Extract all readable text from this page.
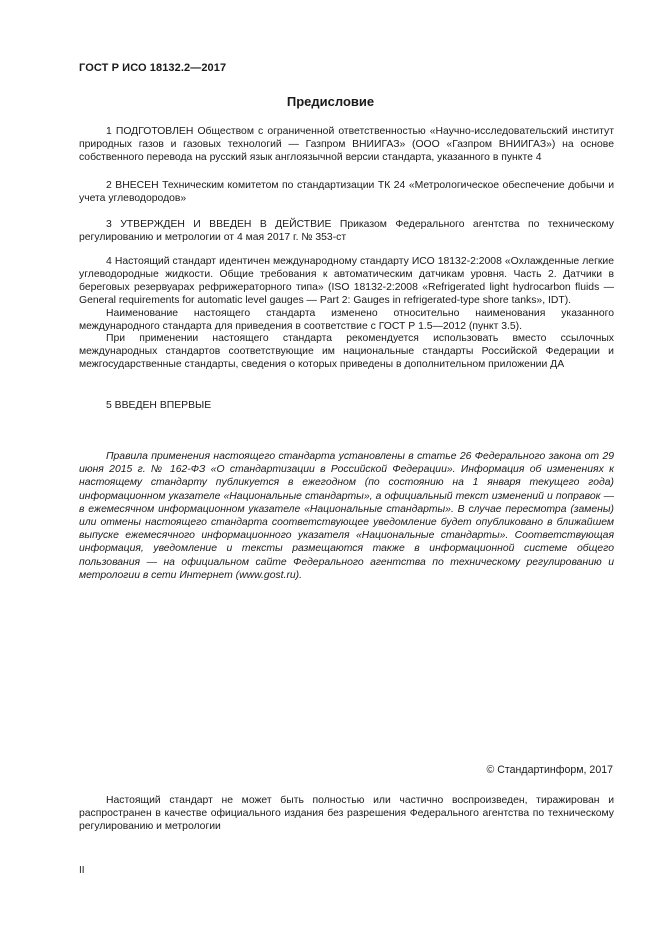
ГОСТ Р ИСО 18132.2—2017
Предисловие

1 ПОДГОТОВЛЕН Обществом с ограниченной ответственностью «Научно-исследовательский институт природных газов и газовых технологий — Газпром ВНИИГАЗ» (ООО «Газпром ВНИИГАЗ») на основе собственного перевода на русский язык англоязычной версии стандарта, указанного в пункте 4

2 ВНЕСЕН Техническим комитетом по стандартизации ТК 24 «Метрологическое обеспечение добычи и учета углеводородов»

3 УТВЕРЖДЕН И ВВЕДЕН В ДЕЙСТВИЕ Приказом Федерального агентства по техническому регулированию и метрологии от 4 мая 2017 г. № 353-ст

4 Настоящий стандарт идентичен международному стандарту ИСО 18132-2:2008 «Охлажденные легкие углеводородные жидкости. Общие требования к автоматическим датчикам уровня. Часть 2. Датчики в береговых резервуарах рефрижераторного типа» (ISO 18132-2:2008 «Refrigerated light hydrocarbon fluids — General requirements for automatic level gauges — Part 2: Gauges in refrigerated-type shore tanks», IDT).

Наименование настоящего стандарта изменено относительно наименования указанного международного стандарта для приведения в соответствие с ГОСТ Р 1.5—2012 (пункт 3.5).

При применении настоящего стандарта рекомендуется использовать вместо ссылочных международных стандартов соответствующие им национальные стандарты Российской Федерации и межгосударственные стандарты, сведения о которых приведены в дополнительном приложении ДА

5 ВВЕДЕН ВПЕРВЫЕ

Правила применения настоящего стандарта установлены в статье 26 Федерального закона от 29 июня 2015 г. № 162-ФЗ «О стандартизации в Российской Федерации». Информация об изменениях к настоящему стандарту публикуется в ежегодном (по состоянию на 1 января текущего года) информационном указателе «Национальные стандарты», а официальный текст изменений и поправок — в ежемесячном информационном указателе «Национальные стандарты». В случае пересмотра (замены) или отмены настоящего стандарта соответствующее уведомление будет опубликовано в ближайшем выпуске ежемесячного информационного указателя «Национальные стандарты». Соответствующая информация, уведомление и тексты размещаются также в информационной системе общего пользования — на официальном сайте Федерального агентства по техническому регулированию и метрологии в сети Интернет (www.gost.ru).

© Стандартинформ, 2017

Настоящий стандарт не может быть полностью или частично воспроизведен, тиражирован и распространен в качестве официального издания без разрешения Федерального агентства по техническому регулированию и метрологии

II
